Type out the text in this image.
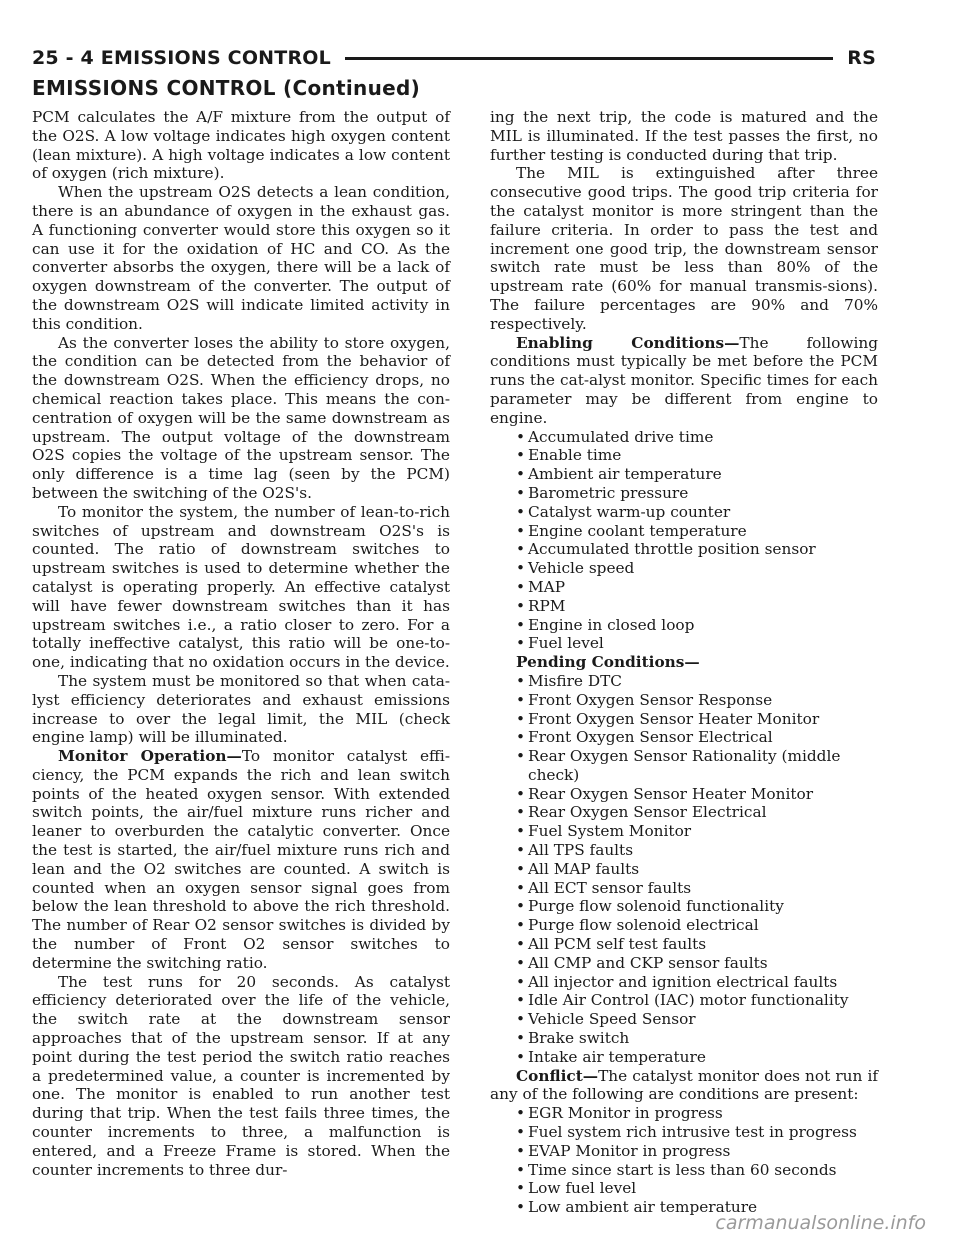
25 - 4 EMISSIONS CONTROL	RS
EMISSIONS CONTROL (Continued)

PCM calculates the A/F mixture from the output of the O2S. A low voltage indicates high oxygen content (lean mixture). A high voltage indicates a low content of oxygen (rich mixture).

When the upstream O2S detects a lean condition, there is an abundance of oxygen in the exhaust gas. A functioning converter would store this oxygen so it can use it for the oxidation of HC and CO. As the converter absorbs the oxygen, there will be a lack of oxygen downstream of the converter. The output of the downstream O2S will indicate limited activity in this condition.

As the converter loses the ability to store oxygen, the condition can be detected from the behavior of the downstream O2S. When the efficiency drops, no chemical reaction takes place. This means the con-centration of oxygen will be the same downstream as upstream. The output voltage of the downstream O2S copies the voltage of the upstream sensor. The only difference is a time lag (seen by the PCM) between the switching of the O2S's.

To monitor the system, the number of lean-to-rich switches of upstream and downstream O2S's is counted. The ratio of downstream switches to upstream switches is used to determine whether the catalyst is operating properly. An effective catalyst will have fewer downstream switches than it has upstream switches i.e., a ratio closer to zero. For a totally ineffective catalyst, this ratio will be one-to-one, indicating that no oxidation occurs in the device.

The system must be monitored so that when cata-lyst efficiency deteriorates and exhaust emissions increase to over the legal limit, the MIL (check engine lamp) will be illuminated.

Monitor Operation—To monitor catalyst effi-ciency, the PCM expands the rich and lean switch points of the heated oxygen sensor. With extended switch points, the air/fuel mixture runs richer and leaner to overburden the catalytic converter. Once the test is started, the air/fuel mixture runs rich and lean and the O2 switches are counted. A switch is counted when an oxygen sensor signal goes from below the lean threshold to above the rich threshold. The number of Rear O2 sensor switches is divided by the number of Front O2 sensor switches to determine the switching ratio.

The test runs for 20 seconds. As catalyst efficiency deteriorated over the life of the vehicle, the switch rate at the downstream sensor approaches that of the upstream sensor. If at any point during the test period the switch ratio reaches a predetermined value, a counter is incremented by one. The monitor is enabled to run another test during that trip. When the test fails three times, the counter increments to three, a malfunction is entered, and a Freeze Frame is stored. When the counter increments to three dur-

ing the next trip, the code is matured and the MIL is illuminated. If the test passes the first, no further testing is conducted during that trip.

The MIL is extinguished after three consecutive good trips. The good trip criteria for the catalyst monitor is more stringent than the failure criteria. In order to pass the test and increment one good trip, the downstream sensor switch rate must be less than 80% of the upstream rate (60% for manual transmis-sions). The failure percentages are 90% and 70% respectively.

Enabling Conditions—The following conditions must typically be met before the PCM runs the cat-alyst monitor. Specific times for each parameter may be different from engine to engine.

• Accumulated drive time
• Enable time
• Ambient air temperature
• Barometric pressure
• Catalyst warm-up counter
• Engine coolant temperature
• Accumulated throttle position sensor
• Vehicle speed
• MAP
• RPM
• Engine in closed loop
• Fuel level

Pending Conditions—

• Misfire DTC
• Front Oxygen Sensor Response
• Front Oxygen Sensor Heater Monitor
• Front Oxygen Sensor Electrical
• Rear Oxygen Sensor Rationality (middle check)
• Rear Oxygen Sensor Heater Monitor
• Rear Oxygen Sensor Electrical
• Fuel System Monitor
• All TPS faults
• All MAP faults
• All ECT sensor faults
• Purge flow solenoid functionality
• Purge flow solenoid electrical
• All PCM self test faults
• All CMP and CKP sensor faults
• All injector and ignition electrical faults
• Idle Air Control (IAC) motor functionality
• Vehicle Speed Sensor
• Brake switch
• Intake air temperature

Conflict—The catalyst monitor does not run if any of the following are conditions are present:

• EGR Monitor in progress
• Fuel system rich intrusive test in progress
• EVAP Monitor in progress
• Time since start is less than 60 seconds
• Low fuel level
• Low ambient air temperature
carmanualsonline.info
